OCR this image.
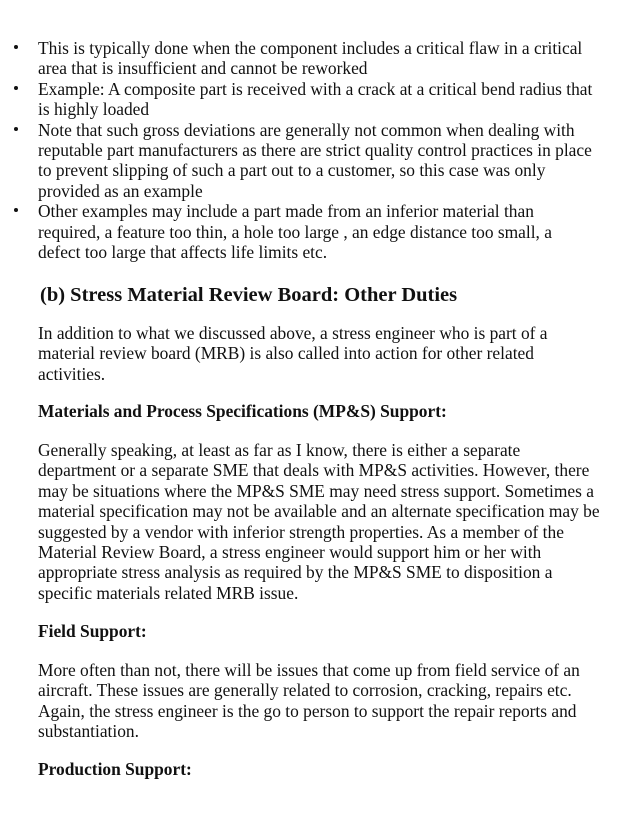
This is typically done when the component includes a critical flaw in a critical area that is insufficient and cannot be reworked
Example: A composite part is received with a crack at a critical bend radius that is highly loaded
Note that such gross deviations are generally not common when dealing with reputable part manufacturers as there are strict quality control practices in place to prevent slipping of such a part out to a customer, so this case was only provided as an example
Other examples may include a part made from an inferior material than required, a feature too thin, a hole too large , an edge distance too small, a defect too large that affects life limits etc.
(b) Stress Material Review Board: Other Duties

In addition to what we discussed above, a stress engineer who is part of a material review board (MRB) is also called into action for other related activities.

Materials and Process Specifications (MP&S) Support:

Generally speaking, at least as far as I know, there is either a separate department or a separate SME that deals with MP&S activities. However, there may be situations where the MP&S SME may need stress support. Sometimes a material specification may not be available and an alternate specification may be suggested by a vendor with inferior strength properties. As a member of the Material Review Board, a stress engineer would support him or her with appropriate stress analysis as required by the MP&S SME to disposition a specific materials related MRB issue.

Field Support:

More often than not, there will be issues that come up from field service of an aircraft. These issues are generally related to corrosion, cracking, repairs etc. Again, the stress engineer is the go to person to support the repair reports and substantiation.

Production Support:
